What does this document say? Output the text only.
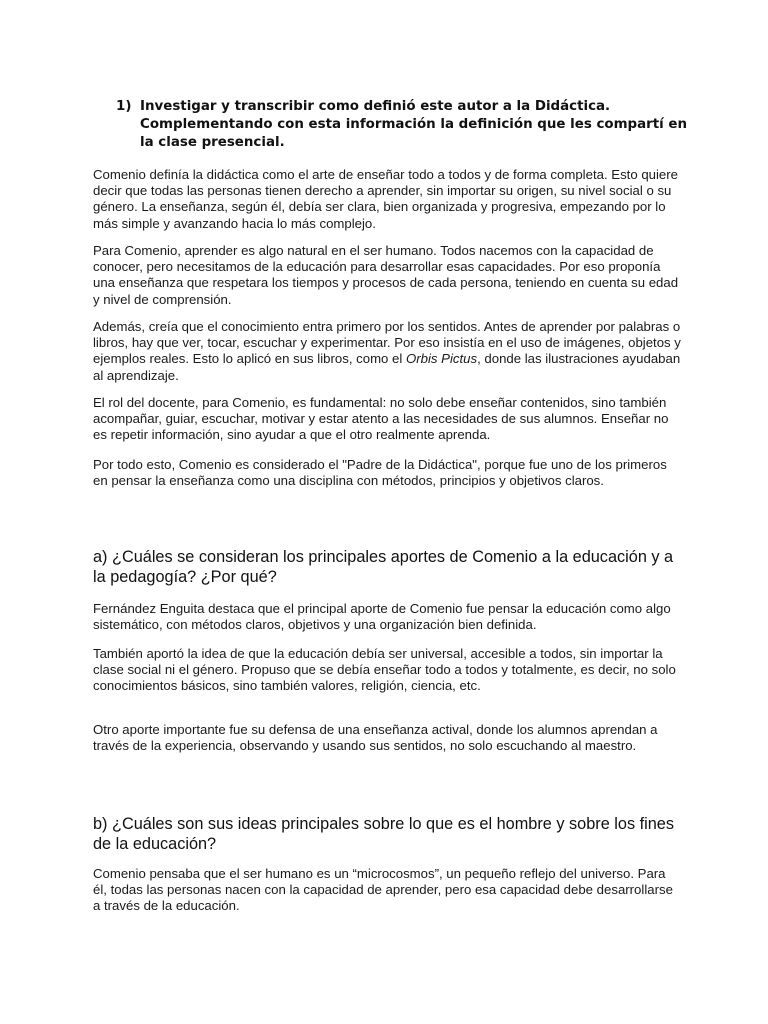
1) Investigar y transcribir como definió este autor a la Didáctica. Complementando con esta información la definición que les compartí en la clase presencial.

Comenio definía la didáctica como el arte de enseñar todo a todos y de forma completa. Esto quiere decir que todas las personas tienen derecho a aprender, sin importar su origen, su nivel social o su género. La enseñanza, según él, debía ser clara, bien organizada y progresiva, empezando por lo más simple y avanzando hacia lo más complejo.

Para Comenio, aprender es algo natural en el ser humano. Todos nacemos con la capacidad de conocer, pero necesitamos de la educación para desarrollar esas capacidades. Por eso proponía una enseñanza que respetara los tiempos y procesos de cada persona, teniendo en cuenta su edad y nivel de comprensión.

Además, creía que el conocimiento entra primero por los sentidos. Antes de aprender por palabras o libros, hay que ver, tocar, escuchar y experimentar. Por eso insistía en el uso de imágenes, objetos y ejemplos reales. Esto lo aplicó en sus libros, como el Orbis Pictus, donde las ilustraciones ayudaban al aprendizaje.

El rol del docente, para Comenio, es fundamental: no solo debe enseñar contenidos, sino también acompañar, guiar, escuchar, motivar y estar atento a las necesidades de sus alumnos. Enseñar no es repetir información, sino ayudar a que el otro realmente aprenda.

Por todo esto, Comenio es considerado el "Padre de la Didáctica", porque fue uno de los primeros en pensar la enseñanza como una disciplina con métodos, principios y objetivos claros.

a) ¿Cuáles se consideran los principales aportes de Comenio a la educación y a la pedagogía? ¿Por qué?

Fernández Enguita destaca que el principal aporte de Comenio fue pensar la educación como algo sistemático, con métodos claros, objetivos y una organización bien definida.

También aportó la idea de que la educación debía ser universal, accesible a todos, sin importar la clase social ni el género. Propuso que se debía enseñar todo a todos y totalmente, es decir, no solo conocimientos básicos, sino también valores, religión, ciencia, etc.

Otro aporte importante fue su defensa de una enseñanza actival, donde los alumnos aprendan a través de la experiencia, observando y usando sus sentidos, no solo escuchando al maestro.

b) ¿Cuáles son sus ideas principales sobre lo que es el hombre y sobre los fines de la educación?

Comenio pensaba que el ser humano es un “microcosmos”, un pequeño reflejo del universo. Para él, todas las personas nacen con la capacidad de aprender, pero esa capacidad debe desarrollarse a través de la educación.
